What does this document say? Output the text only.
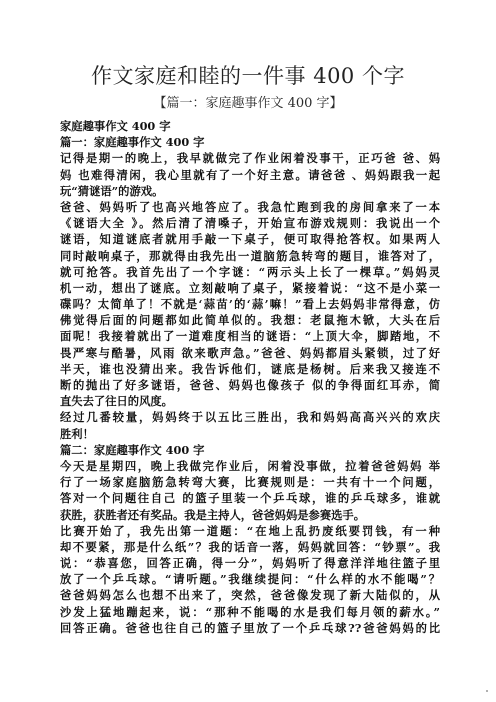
作文家庭和睦的一件事 400 个字
【篇一：家庭趣事作文 400 字】
家庭趣事作文 400 字
篇一：家庭趣事作文 400 字
记得是期一的晚上，我早就做完了作业闲着没事干，正巧爸 爸、妈
妈 也难得清闲，我心里就有了一个好主意。请爸爸 、妈妈跟我一起
玩“猜谜语”的游戏。
爸爸、妈妈听了也高兴地答应了。我急忙跑到我的房间拿来了一本
《谜语大全 》。然后清了清嗓子，开始宣布游戏规则：我说出一个
谜语，知道谜底者就用手敲一下桌子，便可取得抢答权。如果两人
同时敲响桌子，那就得由我先出一道脑筋急转弯的题目，谁答对了，
就可抢答。我首先出了一个字谜：“两示头上长了一棵草。”妈妈灵
机一动，想出了谜底。立刻敲响了桌子，紧接着说：“这不是小菜一
碟吗？太简单了！不就是‘蒜苗’的‘蒜’嘛！”看上去妈妈非常得意，仿
佛觉得后面的问题都如此简单似的。我想：老鼠拖木锨，大头在后
面呢！我接着就出了一道难度相当的谜语：“上顶大伞，脚踏地，不
畏严寒与酷暑，风雨 欲来歌声急。”爸爸、妈妈都眉头紧锁，过了好
半天，谁也没猜出来。我告诉他们，谜底是杨树。后来我又接连不
断的抛出了好多谜语，爸爸、妈妈也像孩子 似的争得面红耳赤，简
直失去了往日的风度。
经过几番较量，妈妈终于以五比三胜出，我和妈妈高高兴兴的欢庆
胜利！
篇二：家庭趣事作文 400 字
今天是星期四，晚上我做完作业后，闲着没事做，拉着爸爸妈妈 举
行了一场家庭脑筋急转弯大赛，比赛规则是：一共有十一个问题，
答对一个问题往自己 的篮子里装一个乒乓球，谁的乒乓球多，谁就
获胜，获胜者还有奖品。我是主持人，爸爸妈妈是参赛选手。
比赛开始了，我先出第一道题：“在地上乱扔废纸要罚钱，有一种
却不要紧，那是什么纸”？我的话音一落，妈妈就回答：“钞票”。我
说：“恭喜您，回答正确，得一分”，妈妈听了得意洋洋地往篮子里
放了一个乒乓球。“请听题。”我继续提问：“什么样的水不能喝”？
爸爸妈妈怎么也想不出来了，突然，爸爸像发现了新大陆似的，从
沙发上猛地蹦起来，说：“那种不能喝的水是我们每月领的薪水。”
回答正确。爸爸也往自己的篮子里放了一个乒乓球??爸爸妈妈的比
